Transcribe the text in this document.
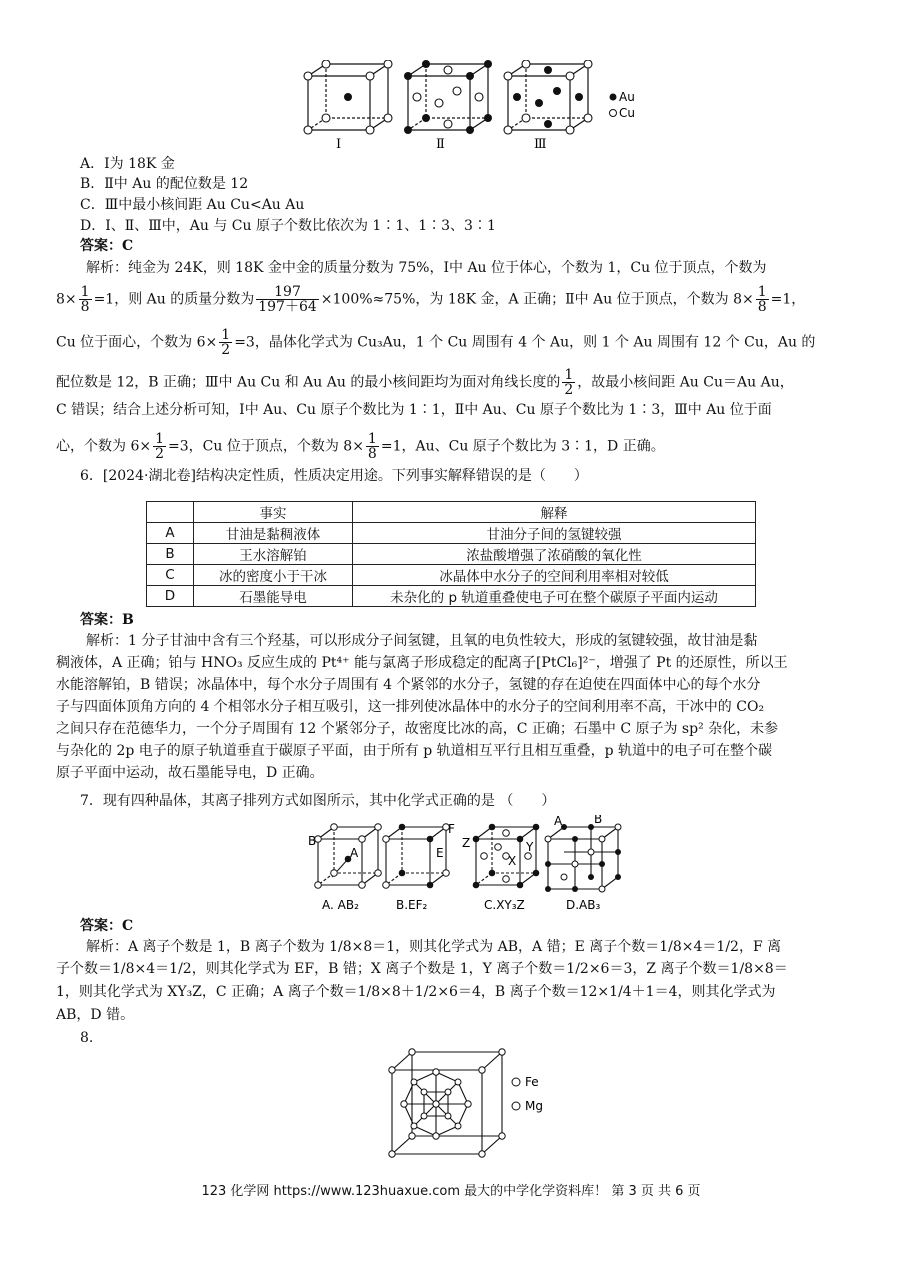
Au
Cu
Ⅰ	Ⅱ	Ⅲ
A．Ⅰ为 18K 金
B．Ⅱ中 Au 的配位数是 12
C．Ⅲ中最小核间距 Au Cu<Au Au
D．Ⅰ、Ⅱ、Ⅲ中，Au 与 Cu 原子个数比依次为 1∶1、1∶3、3∶1
答案：C
解析：纯金为 24K，则 18K 金中金的质量分数为 75%，Ⅰ中 Au 位于体心，个数为 1，Cu 位于顶点，个数为
$8\times \frac{1}{8} =1$，则 Au 的质量分数为 $\frac{197}{197+64} \times 100\%\approx 75\%$，为 18K 金，A 正确；Ⅱ中 Au 位于顶点，个数为 $8\times \frac{1}{8} =1$，
Cu 位于面心，个数为 $6\times \frac{1}{2} =3$，晶体化学式为 Cu₃Au，1 个 Cu 周围有 4 个 Au，则 1 个 Au 周围有 12 个 Cu，Au 的
配位数是 12，B 正确；Ⅲ中 Au Cu 和 Au Au 的最小核间距均为面对角线长度的 $\frac{1}{2}$ ，故最小核间距 Au Cu＝Au Au，
C 错误；结合上述分析可知，Ⅰ中 Au、Cu 原子个数比为 1∶1，Ⅱ中 Au、Cu 原子个数比为 1∶3，Ⅲ中 Au 位于面
心，个数为 $6\times \frac{1}{2} =3$，Cu 位于顶点，个数为 $8\times \frac{1}{8} =1$，Au、Cu 原子个数比为 3∶1，D 正确。
6．[2024·湖北卷]结构决定性质，性质决定用途。下列事实解释错误的是（　　）
	事实	解释
A	甘油是黏稠液体	甘油分子间的氢键较强
B	王水溶解铂	浓盐酸增强了浓硝酸的氧化性
C	冰的密度小于干冰	冰晶体中水分子的空间利用率相对较低
D	石墨能导电	未杂化的 p 轨道重叠使电子可在整个碳原子平面内运动
答案：B
解析：1 分子甘油中含有三个羟基，可以形成分子间氢键，且氧的电负性较大，形成的氢键较强，故甘油是黏
稠液体，A 正确；铂与 HNO₃ 反应生成的 Pt⁴⁺ 能与氯离子形成稳定的配离子[PtCl₆]²⁻，增强了 Pt 的还原性，所以王
水能溶解铂，B 错误；冰晶体中，每个水分子周围有 4 个紧邻的水分子，氢键的存在迫使在四面体中心的每个水分
子与四面体顶角方向的 4 个相邻水分子相互吸引，这一排列使冰晶体中的水分子的空间利用率不高，干冰中的 CO₂
之间只存在范德华力，一个分子周围有 12 个紧邻分子，故密度比冰的高，C 正确；石墨中 C 原子为 sp² 杂化，未参
与杂化的 2p 电子的原子轨道垂直于碳原子平面，由于所有 p 轨道相互平行且相互重叠，p 轨道中的电子可在整个碳
原子平面中运动，故石墨能导电，D 正确。
7．现有四种晶体，其离子排列方式如图所示，其中化学式正确的是 （　　）
B
A	E
F
X
Y
Z
A	B
A. AB₂	B.EF₂	C.XY₃Z	D.AB₃
答案：C
解析：A 离子个数是 1，B 离子个数为 1/8×8＝1，则其化学式为 AB，A 错；E 离子个数＝1/8×4＝1/2，F 离
子个数＝1/8×4＝1/2，则其化学式为 EF，B 错；X 离子个数是 1，Y 离子个数＝1/2×6＝3，Z 离子个数＝1/8×8＝
1，则其化学式为 XY₃Z，C 正确；A 离子个数＝1/8×8＋1/2×6＝4，B 离子个数＝12×1/4＋1＝4，则其化学式为
AB，D 错。
8.
Fe
Mg
123 化学网 https://www.123huaxue.com 最大的中学化学资料库！ 第 3 页 共 6 页
